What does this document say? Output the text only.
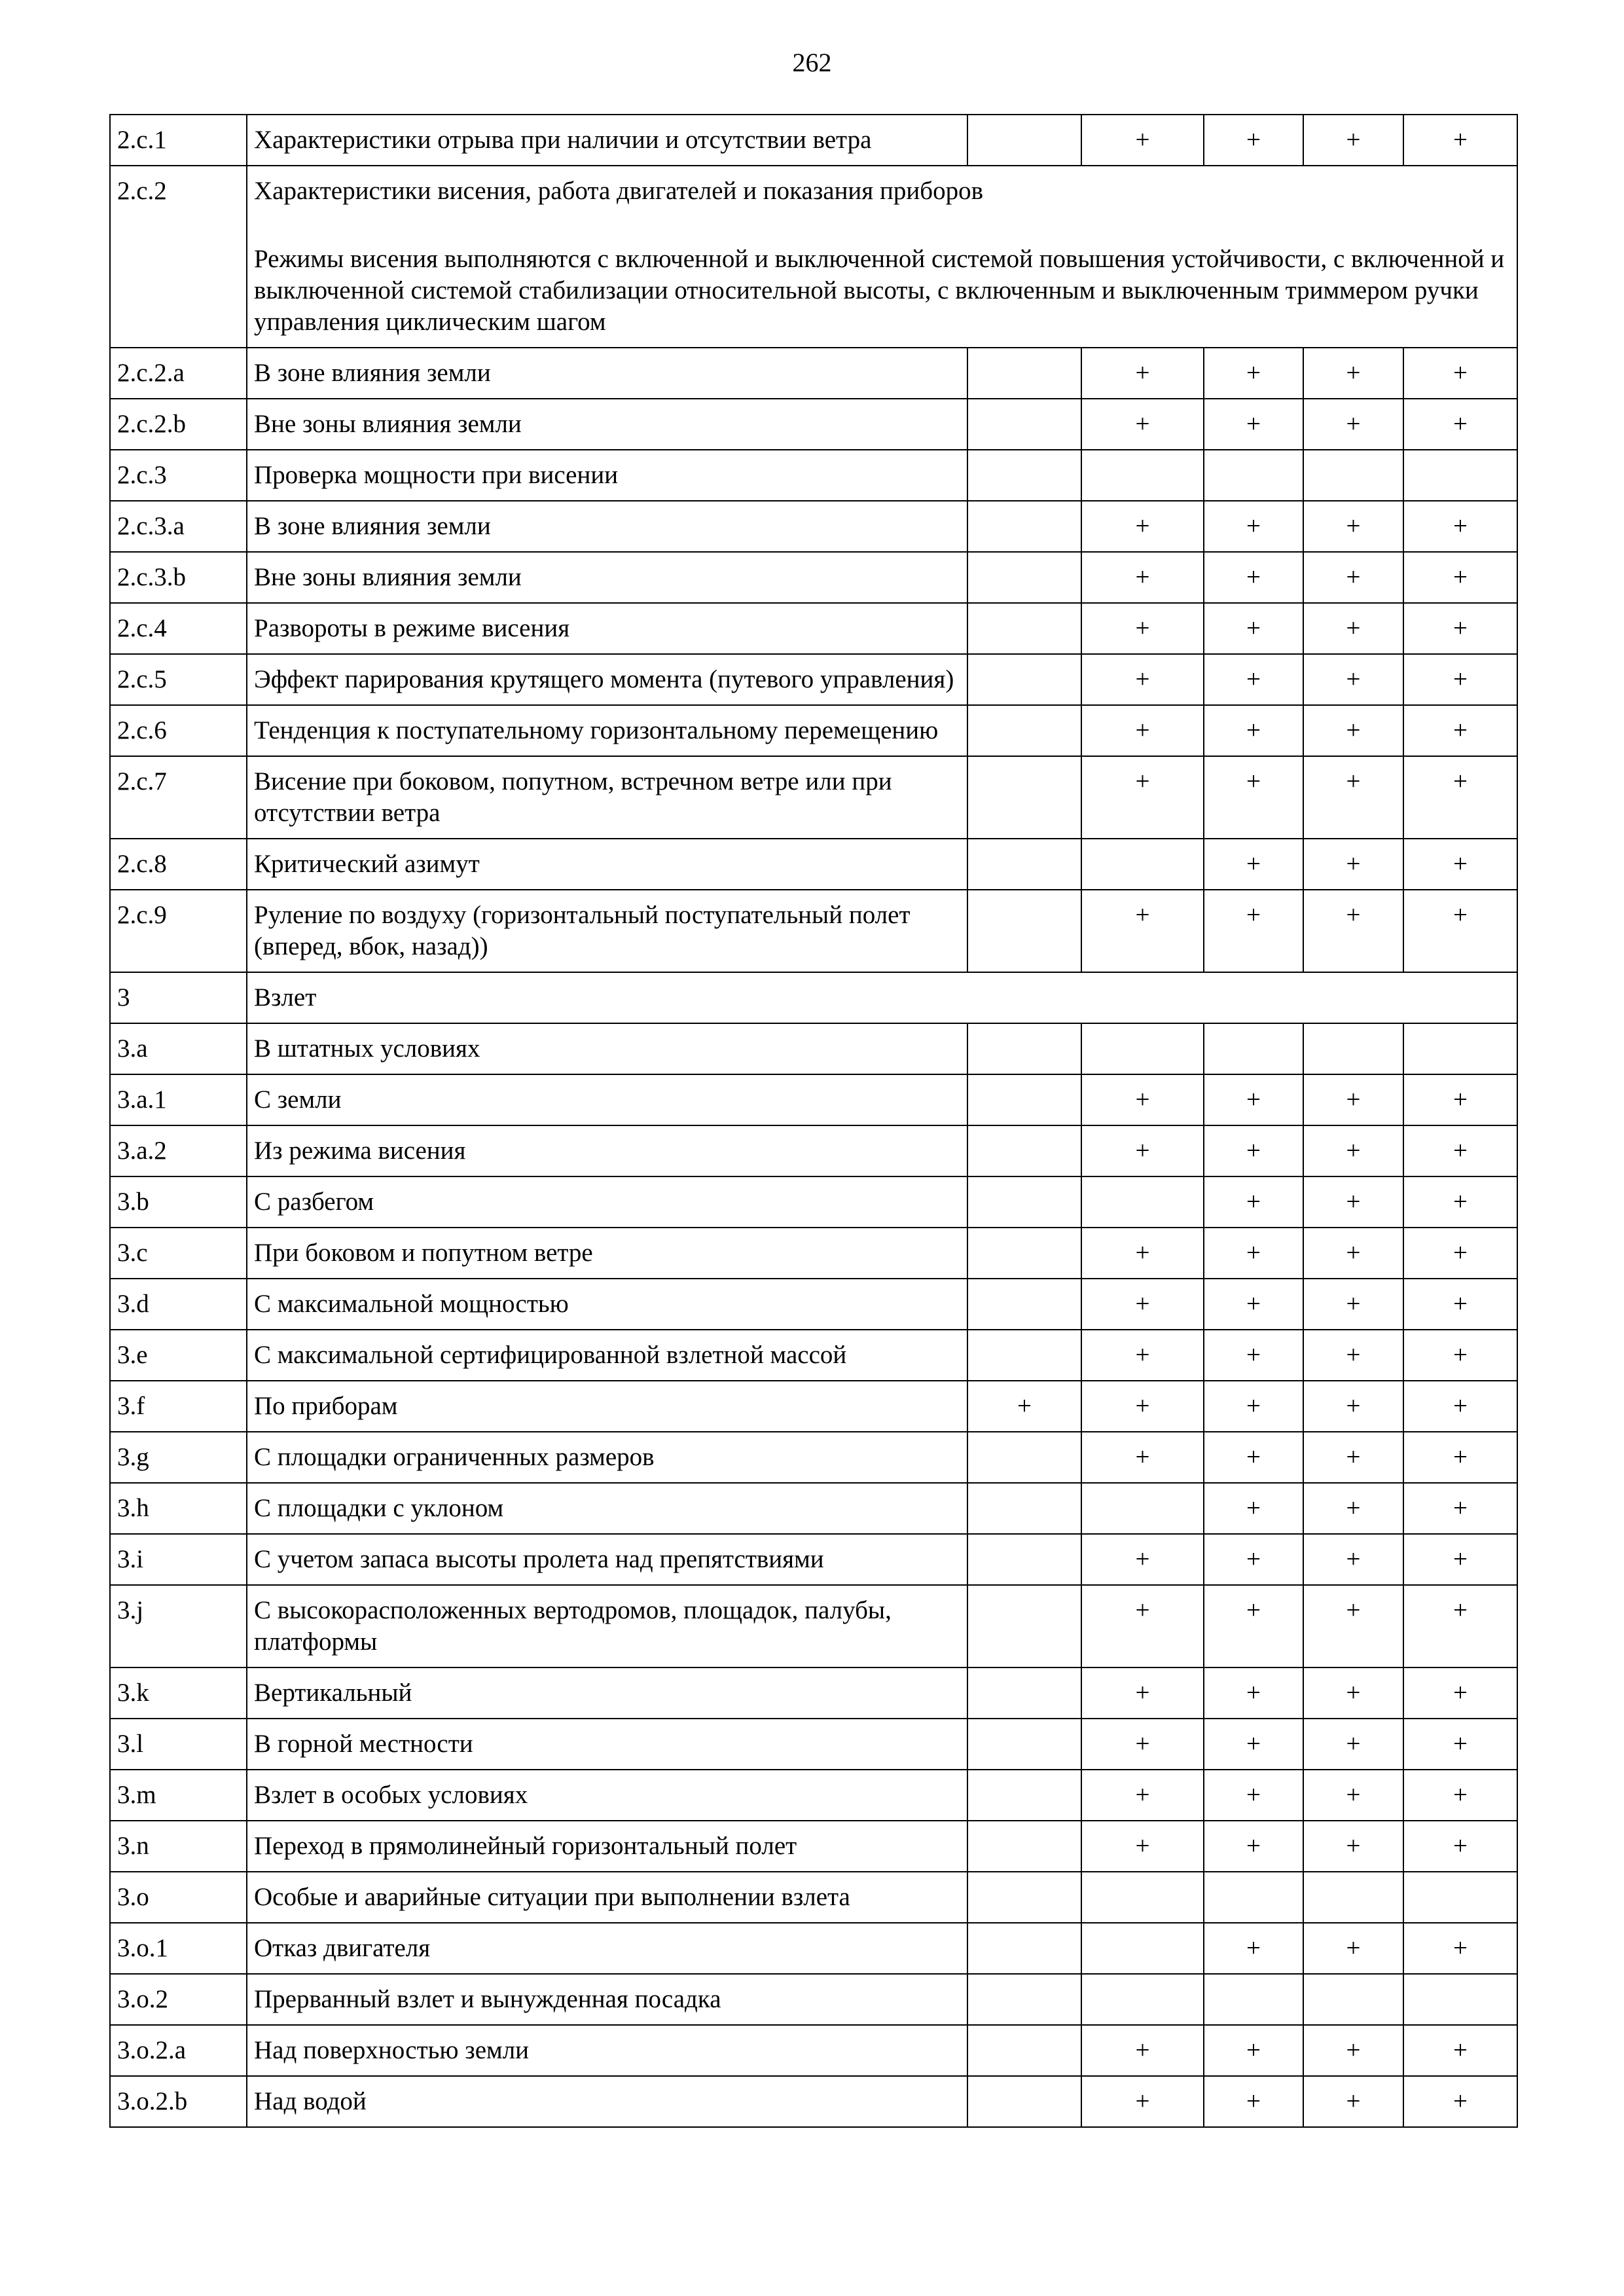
262
2.c.1	Характеристики отрыва при наличии и отсутствии ветра		+	+	+	+
2.c.2	Характеристики висения, работа двигателей и показания приборов
Режимы висения выполняются с включенной и выключенной системой повышения устойчивости, с включенной и выключенной системой стабилизации относительной высоты, с включенным и выключенным триммером ручки управления циклическим шагом					

2.c.2.a	В зоне влияния земли		+	+	+	+
2.c.2.b	Вне зоны влияния земли		+	+	+	+
2.c.3	Проверка мощности при висении					
2.c.3.a	В зоне влияния земли		+	+	+	+
2.c.3.b	Вне зоны влияния земли		+	+	+	+
2.c.4	Развороты в режиме висения		+	+	+	+
2.c.5	Эффект парирования крутящего момента (путевого управления)		+	+	+	+
2.c.6	Тенденция к поступательному горизонтальному перемещению		+	+	+	+
2.c.7	Висение при боковом, попутном, встречном ветре или при отсутствии ветра		+	+	+	+
2.c.8	Критический азимут			+	+	+
2.c.9	Руление по воздуху (горизонтальный поступательный полет (вперед, вбок, назад))		+	+	+	+
3	Взлет					
3.a	В штатных условиях					
3.a.1	С земли		+	+	+	+
3.a.2	Из режима висения		+	+	+	+
3.b	С разбегом			+	+	+
3.c	При боковом и попутном ветре		+	+	+	+
3.d	С максимальной мощностью		+	+	+	+
3.e	С максимальной сертифицированной взлетной массой		+	+	+	+
3.f	По приборам	+	+	+	+	+
3.g	С площадки ограниченных размеров		+	+	+	+
3.h	С площадки с уклоном			+	+	+
3.i	С учетом запаса высоты пролета над препятствиями		+	+	+	+
3.j	С высокорасположенных вертодромов, площадок, палубы, платформы		+	+	+	+
3.k	Вертикальный		+	+	+	+
3.l	В горной местности		+	+	+	+
3.m	Взлет в особых условиях		+	+	+	+
3.n	Переход в прямолинейный горизонтальный полет		+	+	+	+
3.o	Особые и аварийные ситуации при выполнении взлета					
3.o.1	Отказ двигателя			+	+	+
3.o.2	Прерванный взлет и вынужденная посадка					
3.o.2.a	Над поверхностью земли		+	+	+	+
3.o.2.b	Над водой		+	+	+	+
